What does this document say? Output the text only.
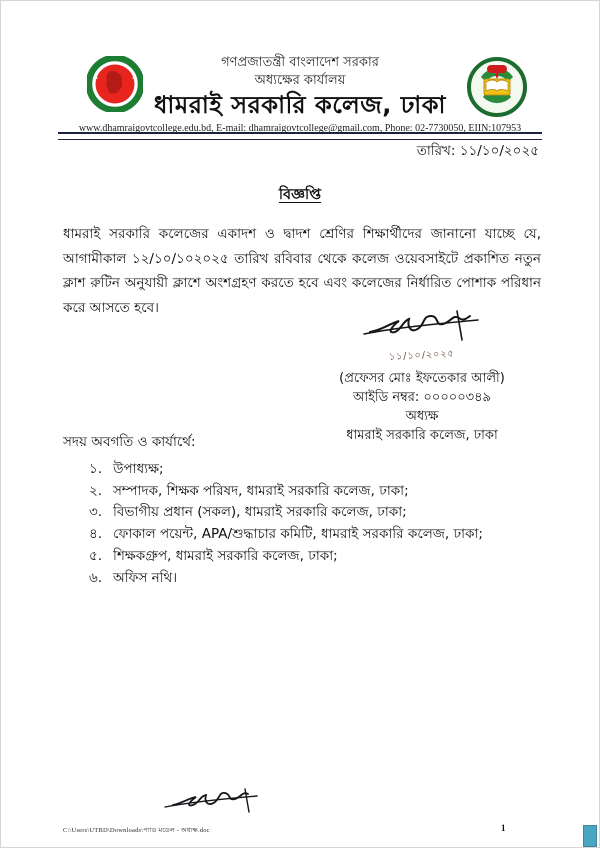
গণপ্রজাতন্ত্রী বাংলাদেশ সরকার
অধ্যক্ষের কার্যালয়
ধামরাই সরকারি কলেজ, ঢাকা
www.dhamraigovtcollege.edu.bd, E-mail: dhamraigovtcollege@gmail.com, Phone: 02-7730050, EIIN:107953
তারিখ: ১১/১০/২০২৫
বিজ্ঞপ্তি
ধামরাই সরকারি কলেজের একাদশ ও দ্বাদশ শ্রেণির শিক্ষার্থীদের জানানো যাচ্ছে যে, আগামীকাল ১২/১০/১০২০২৫ তারিখ রবিবার থেকে কলেজ ওয়েবসাইটে প্রকাশিত নতুন ক্লাশ রুটিন অনুযায়ী ক্লাশে অংশগ্রহণ করতে হবে এবং কলেজের নির্ধারিত পোশাক পরিধান করে আসতে হবে।
১১/১০/২০২৫
(প্রফেসর মোঃ ইফতেকার আলী)
আইডি নম্বর: ০০০০০৩৪৯
অধ্যক্ষ
ধামরাই সরকারি কলেজ, ঢাকা
সদয় অবগতি ও কার্যার্থে:
১. উপাধ্যক্ষ;
২. সম্পাদক, শিক্ষক পরিষদ, ধামরাই সরকারি কলেজ, ঢাকা;
৩. বিভাগীয় প্রধান (সকল), ধামরাই সরকারি কলেজ, ঢাকা;
৪. ফোকাল পয়েন্ট, APA/শুদ্ধাচার কমিটি, ধামরাই সরকারি কলেজ, ঢাকা;
৫. শিক্ষকগ্রুপ, ধামরাই সরকারি কলেজ, ঢাকা;
৬. অফিস নথি।
C:\Users\UTBD\Downloads\প্যাড মডেল - অধ্যক্ষ.doc	1
